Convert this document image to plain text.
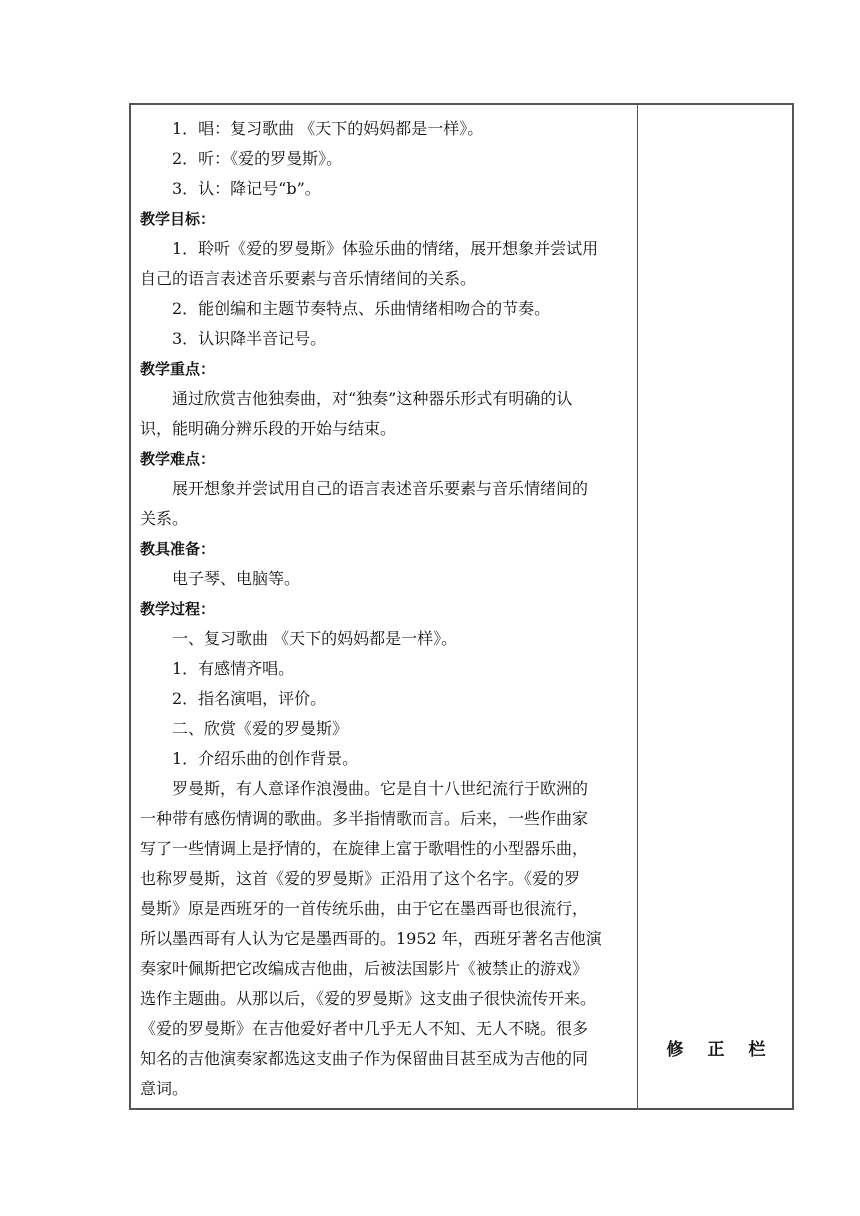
1．唱：复习歌曲 《天下的妈妈都是一样》。
2．听：《爱的罗曼斯》。
3．认：降记号“b”。
教学目标：
1．聆听《爱的罗曼斯》体验乐曲的情绪，展开想象并尝试用
自己的语言表述音乐要素与音乐情绪间的关系。
2．能创编和主题节奏特点、乐曲情绪相吻合的节奏。
3．认识降半音记号。
教学重点：
通过欣赏吉他独奏曲，对“独奏”这种器乐形式有明确的认
识，能明确分辨乐段的开始与结束。
教学难点：
展开想象并尝试用自己的语言表述音乐要素与音乐情绪间的
关系。
教具准备：
电子琴、电脑等。
教学过程：
一、复习歌曲 《天下的妈妈都是一样》。
1．有感情齐唱。
2．指名演唱，评价。
二、欣赏《爱的罗曼斯》
1．介绍乐曲的创作背景。
罗曼斯，有人意译作浪漫曲。它是自十八世纪流行于欧洲的
一种带有感伤情调的歌曲。多半指情歌而言。后来，一些作曲家
写了一些情调上是抒情的，在旋律上富于歌唱性的小型器乐曲，
也称罗曼斯，这首《爱的罗曼斯》正沿用了这个名字。《爱的罗
曼斯》原是西班牙的一首传统乐曲，由于它在墨西哥也很流行，
所以墨西哥有人认为它是墨西哥的。1952 年，西班牙著名吉他演
奏家叶佩斯把它改编成吉他曲，后被法国影片《被禁止的游戏》
选作主题曲。从那以后，《爱的罗曼斯》这支曲子很快流传开来。
《爱的罗曼斯》在吉他爱好者中几乎无人不知、无人不晓。很多
知名的吉他演奏家都选这支曲子作为保留曲目甚至成为吉他的同
意词。
修正栏
